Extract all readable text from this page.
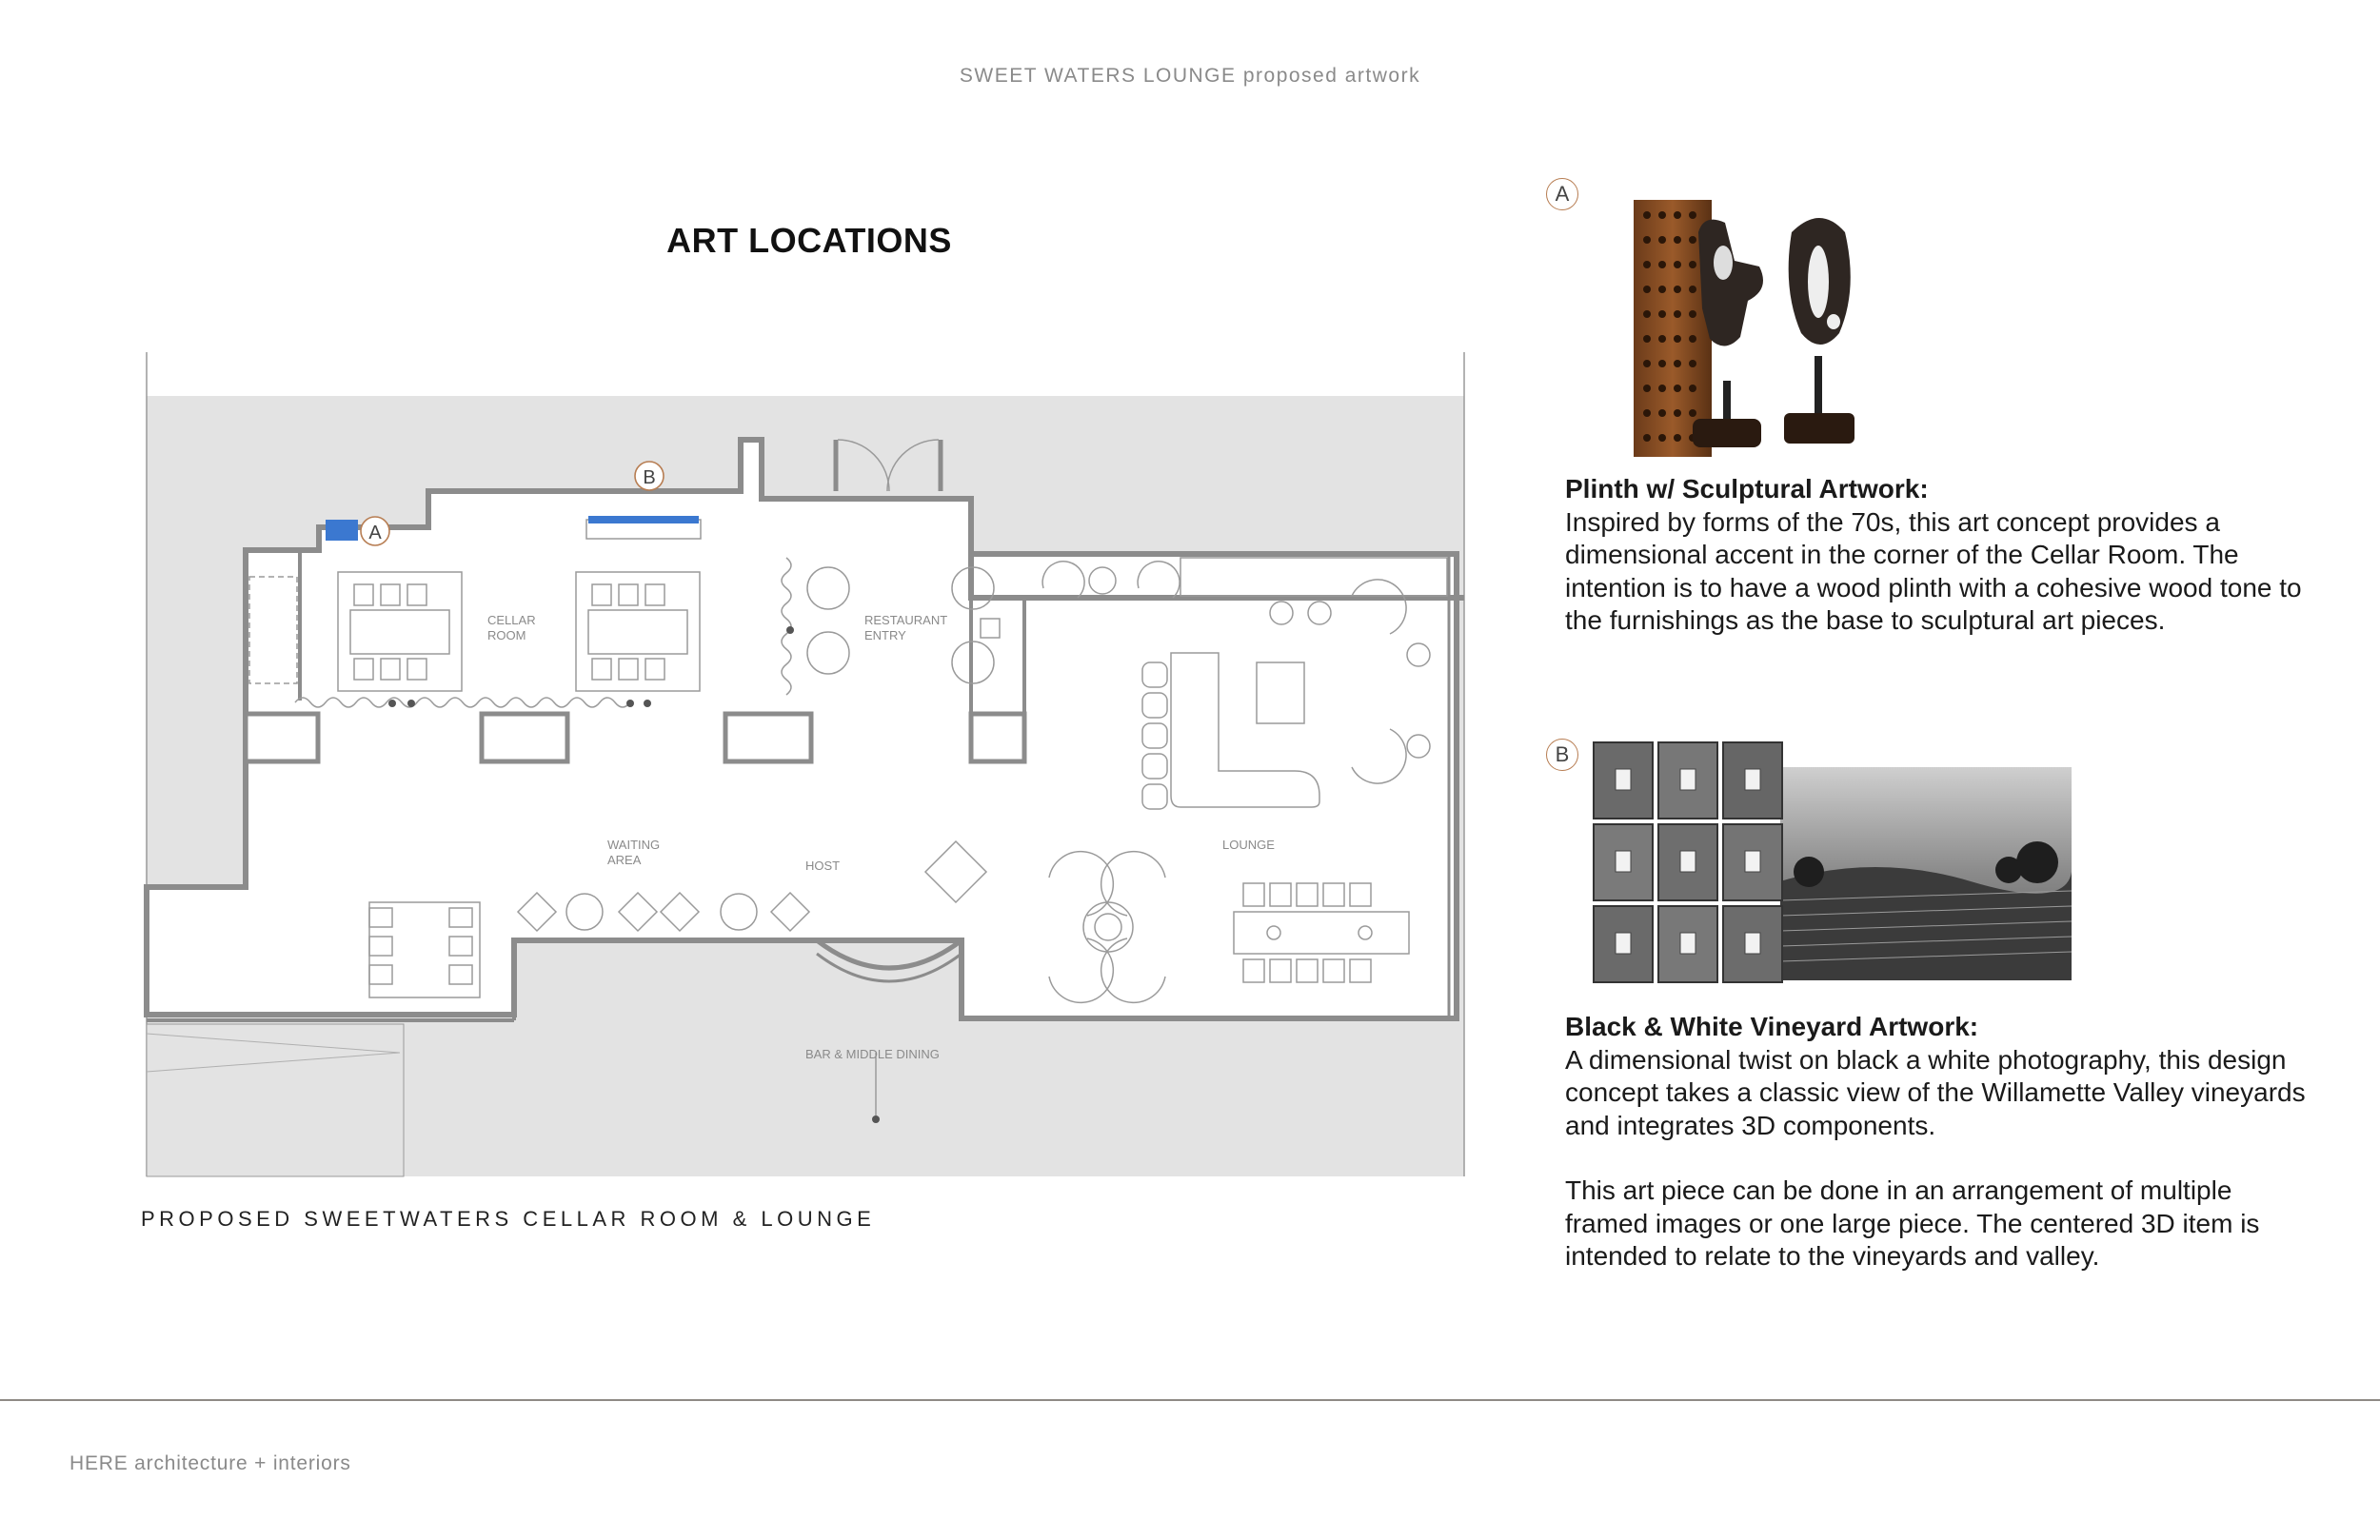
SWEET WATERS LOUNGE proposed artwork
ART LOCATIONS
A
B
CELLAR
ROOM
RESTAURANT
ENTRY
WAITING
AREA	HOST
LOUNGE
BAR & MIDDLE DINING
PROPOSED SWEETWATERS CELLAR ROOM & LOUNGE
A
Plinth w/ Sculptural Artwork:
Inspired by forms of the 70s, this art concept provides a dimensional accent in the corner of the Cellar Room. The intention is to have a wood plinth with a cohesive wood tone to the furnishings as the base to sculptural art pieces.
B
Black & White Vineyard Artwork:

A dimensional twist on black a white photography, this design concept takes a classic view of the Willamette Valley vineyards and integrates 3D components.

This art piece can be done in an arrangement of multiple framed images or one large piece. The centered 3D item is intended to relate to the vineyards and valley.

HERE architecture + interiors
